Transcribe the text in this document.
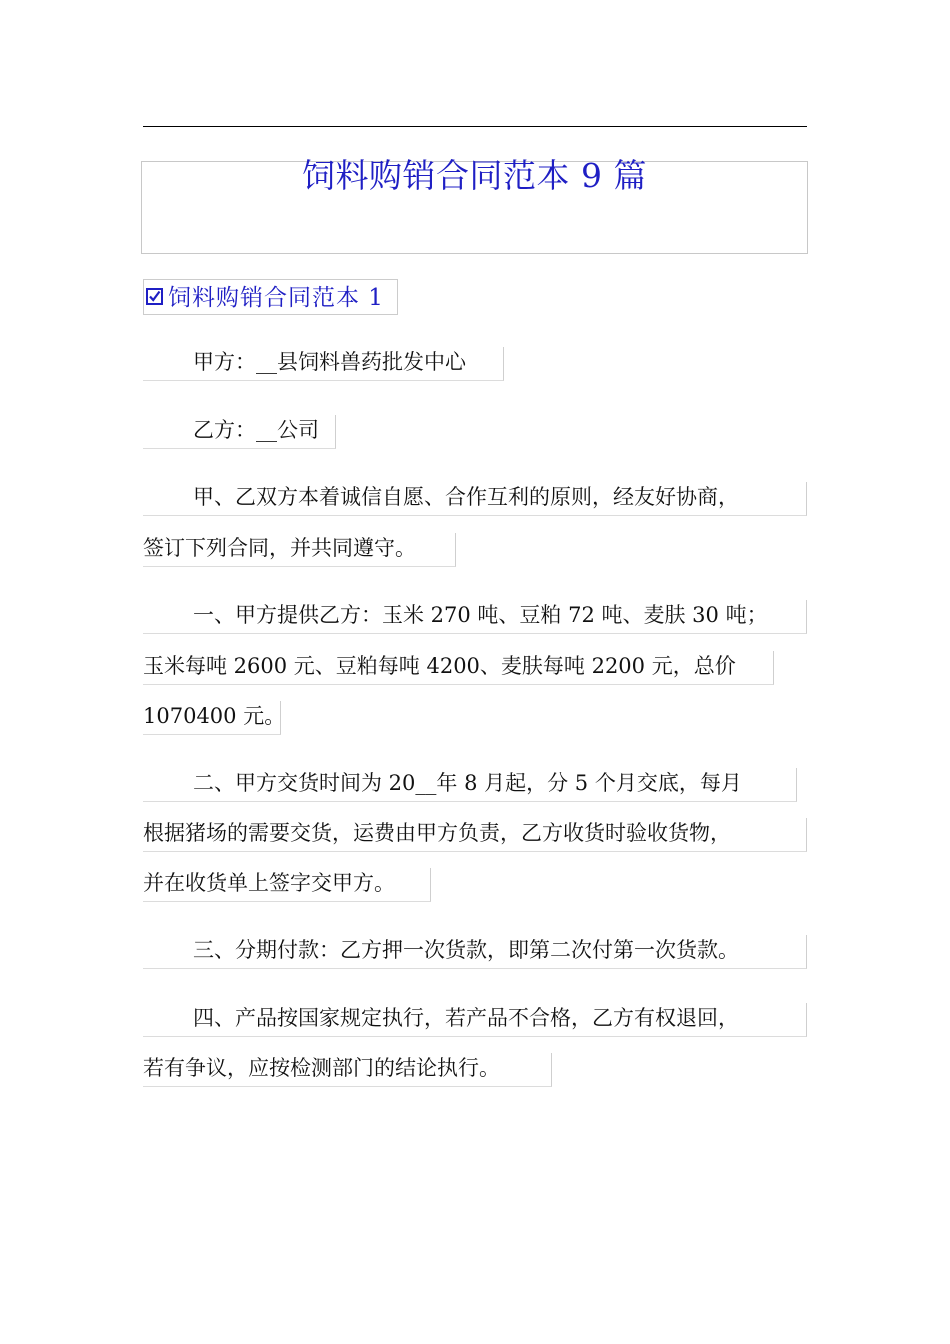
饲料购销合同范本 9 篇
饲料购销合同范本 1
甲方：__县饲料兽药批发中心
乙方：__公司
甲、乙双方本着诚信自愿、合作互利的原则，经友好协商，
签订下列合同，并共同遵守。
一、甲方提供乙方：玉米 270 吨、豆粕 72 吨、麦肤 30 吨；
玉米每吨 2600 元、豆粕每吨 4200、麦肤每吨 2200 元，总价
1070400 元。
二、甲方交货时间为 20__年 8 月起，分 5 个月交底，每月
根据猪场的需要交货，运费由甲方负责，乙方收货时验收货物，
并在收货单上签字交甲方。
三、分期付款：乙方押一次货款，即第二次付第一次货款。
四、产品按国家规定执行，若产品不合格，乙方有权退回，
若有争议，应按检测部门的结论执行。
